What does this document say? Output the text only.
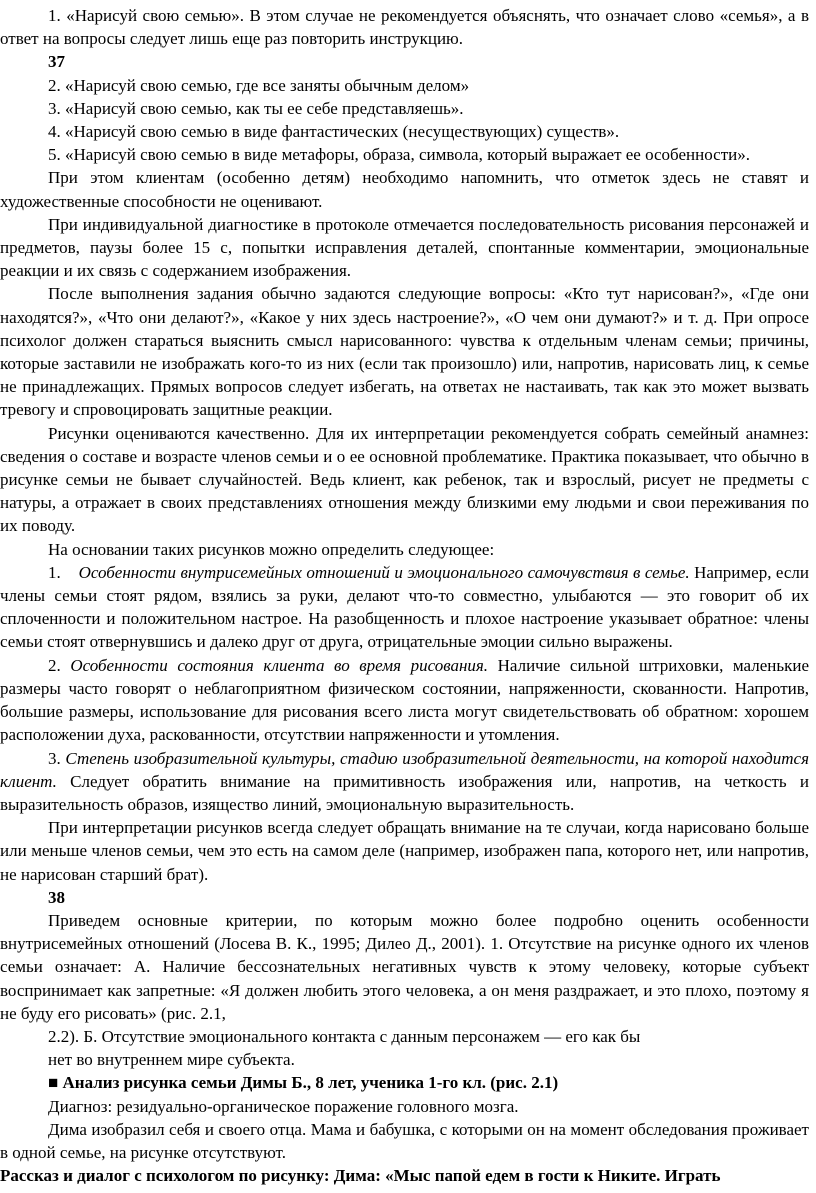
1. «Нарисуй свою семью». В этом случае не рекомендуется объяснять, что означает слово «семья», а в ответ на вопросы следует лишь еще раз повторить инструкцию.

37

2. «Нарисуй свою семью, где все заняты обычным делом»

3. «Нарисуй свою семью, как ты ее себе представляешь».

4. «Нарисуй свою семью в виде фантастических (несуществующих) существ».

5. «Нарисуй свою семью в виде метафоры, образа, символа, который выражает ее особенности».

При этом клиентам (особенно детям) необходимо напомнить, что отметок здесь не ставят и художественные способности не оценивают.

При индивидуальной диагностике в протоколе отмечается последовательность рисования персонажей и предметов, паузы более 15 с, попытки исправления деталей, спонтанные комментарии, эмоциональные реакции и их связь с содержанием изображения.

После выполнения задания обычно задаются следующие вопросы: «Кто тут нарисован?», «Где они находятся?», «Что они делают?», «Какое у них здесь настроение?», «О чем они думают?» и т. д. При опросе психолог должен стараться выяснить смысл нарисованного: чувства к отдельным членам семьи; причины, которые заставили не изображать кого-то из них (если так произошло) или, напротив, нарисовать лиц, к семье не принадлежащих. Прямых вопросов следует избегать, на ответах не настаивать, так как это может вызвать тревогу и спровоцировать защитные реакции.

Рисунки оцениваются качественно. Для их интерпретации рекомендуется собрать семейный анамнез: сведения о составе и возрасте членов семьи и о ее основной проблематике. Практика показывает, что обычно в рисунке семьи не бывает случайностей. Ведь клиент, как ребенок, так и взрослый, рисует не предметы с натуры, а отражает в своих представлениях отношения между близкими ему людьми и свои переживания по их поводу.

На основании таких рисунков можно определить следующее:

1. Особенности внутрисемейных отношений и эмоционального самочувствия в семье. Например, если члены семьи стоят рядом, взялись за руки, делают что-то совместно, улыбаются — это говорит об их сплоченности и положительном настрое. На разобщенность и плохое настроение указывает обратное: члены семьи стоят отвернувшись и далеко друг от друга, отрицательные эмоции сильно выражены.

2. Особенности состояния клиента во время рисования. Наличие сильной штриховки, маленькие размеры часто говорят о неблагоприятном физическом состоянии, напряженности, скованности. Напротив, большие размеры, использование для рисования всего листа могут свидетельствовать об обратном: хорошем расположении духа, раскованности, отсутствии напряженности и утомления.

3. Степень изобразительной культуры, стадию изобразительной деятельности, на которой находится клиент. Следует обратить внимание на примитивность изображения или, напротив, на четкость и выразительность образов, изящество линий, эмоциональную выразительность.

При интерпретации рисунков всегда следует обращать внимание на те случаи, когда нарисовано больше или меньше членов семьи, чем это есть на самом деле (например, изображен папа, которого нет, или напротив, не нарисован старший брат).

38

Приведем основные критерии, по которым можно более подробно оценить особенности внутрисемейных отношений (Лосева В. К., 1995; Дилео Д., 2001). 1. Отсутствие на рисунке одного их членов семьи означает: А. Наличие бессознательных негативных чувств к этому человеку, которые субъект воспринимает как запретные: «Я должен любить этого человека, а он меня раздражает, и это плохо, поэтому я не буду его рисовать» (рис. 2.1,

2.2). Б. Отсутствие эмоционального контакта с данным персонажем — его как бы

нет во внутреннем мире субъекта.

■ Анализ рисунка семьи Димы Б., 8 лет, ученика 1-го кл. (рис. 2.1)

Диагноз: резидуально-органическое поражение головного мозга.

Дима изобразил себя и своего отца. Мама и бабушка, с которыми он на момент обследования проживает в одной семье, на рисунке отсутствуют.

Рассказ и диалог с психологом по рисунку: Дима: «Мыс папой едем в гости к Никите. Играть
